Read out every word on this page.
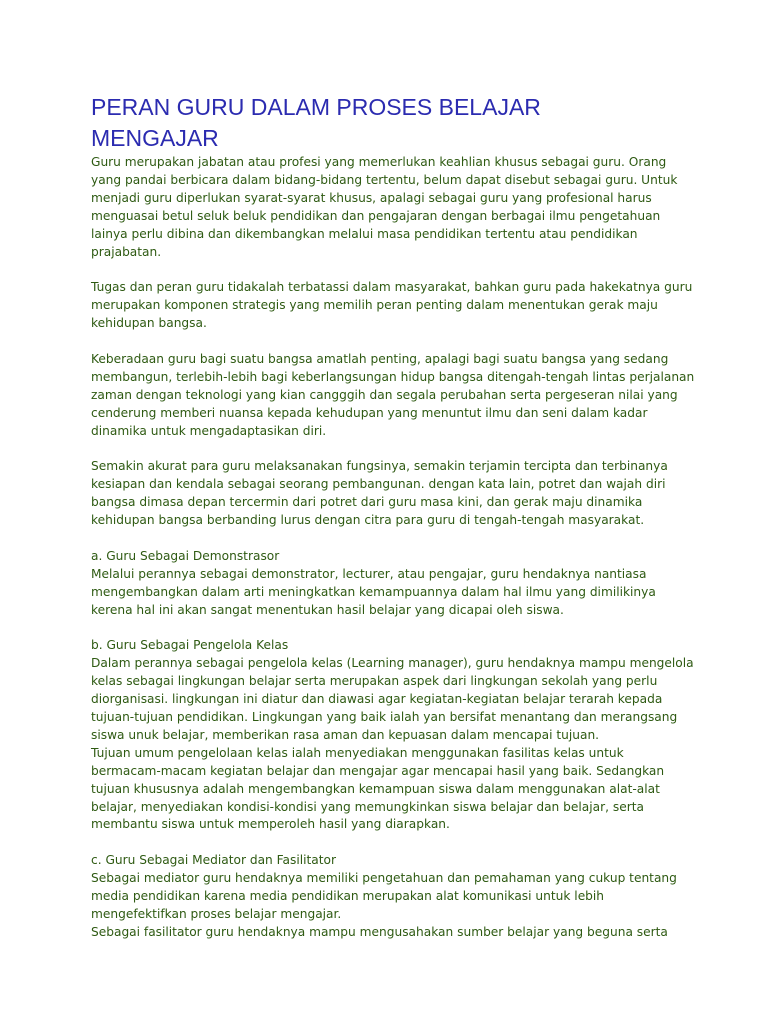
PERAN GURU DALAM PROSES BELAJAR
MENGAJAR

Guru merupakan jabatan atau profesi yang memerlukan keahlian khusus sebagai guru. Orang
yang pandai berbicara dalam bidang-bidang tertentu, belum dapat disebut sebagai guru. Untuk
menjadi guru diperlukan syarat-syarat khusus, apalagi sebagai guru yang profesional harus
menguasai betul seluk beluk pendidikan dan pengajaran dengan berbagai ilmu pengetahuan
lainya perlu dibina dan dikembangkan melalui masa pendidikan tertentu atau pendidikan
prajabatan.

Tugas dan peran guru tidakalah terbatassi dalam masyarakat, bahkan guru pada hakekatnya guru
merupakan komponen strategis yang memilih peran penting dalam menentukan gerak maju
kehidupan bangsa.

Keberadaan guru bagi suatu bangsa amatlah penting, apalagi bagi suatu bangsa yang sedang
membangun, terlebih-lebih bagi keberlangsungan hidup bangsa ditengah-tengah lintas perjalanan
zaman dengan teknologi yang kian cangggih dan segala perubahan serta pergeseran nilai yang
cenderung memberi nuansa kepada kehudupan yang menuntut ilmu dan seni dalam kadar
dinamika untuk mengadaptasikan diri.

Semakin akurat para guru melaksanakan fungsinya, semakin terjamin tercipta dan terbinanya
kesiapan dan kendala sebagai seorang pembangunan. dengan kata lain, potret dan wajah diri
bangsa dimasa depan tercermin dari potret dari guru masa kini, dan gerak maju dinamika
kehidupan bangsa berbanding lurus dengan citra para guru di tengah-tengah masyarakat.

a. Guru Sebagai Demonstrasor
Melalui perannya sebagai demonstrator, lecturer, atau pengajar, guru hendaknya nantiasa
mengembangkan dalam arti meningkatkan kemampuannya dalam hal ilmu yang dimilikinya
kerena hal ini akan sangat menentukan hasil belajar yang dicapai oleh siswa.

b. Guru Sebagai Pengelola Kelas
Dalam perannya sebagai pengelola kelas (Learning manager), guru hendaknya mampu mengelola
kelas sebagai lingkungan belajar serta merupakan aspek dari lingkungan sekolah yang perlu
diorganisasi. lingkungan ini diatur dan diawasi agar kegiatan-kegiatan belajar terarah kepada
tujuan-tujuan pendidikan. Lingkungan yang baik ialah yan bersifat menantang dan merangsang
siswa unuk belajar, memberikan rasa aman dan kepuasan dalam mencapai tujuan.
Tujuan umum pengelolaan kelas ialah menyediakan menggunakan fasilitas kelas untuk
bermacam-macam kegiatan belajar dan mengajar agar mencapai hasil yang baik. Sedangkan
tujuan khususnya adalah mengembangkan kemampuan siswa dalam menggunakan alat-alat
belajar, menyediakan kondisi-kondisi yang memungkinkan siswa belajar dan belajar, serta
membantu siswa untuk memperoleh hasil yang diarapkan.

c. Guru Sebagai Mediator dan Fasilitator
Sebagai mediator guru hendaknya memiliki pengetahuan dan pemahaman yang cukup tentang
media pendidikan karena media pendidikan merupakan alat komunikasi untuk lebih
mengefektifkan proses belajar mengajar.
Sebagai fasilitator guru hendaknya mampu mengusahakan sumber belajar yang beguna serta
